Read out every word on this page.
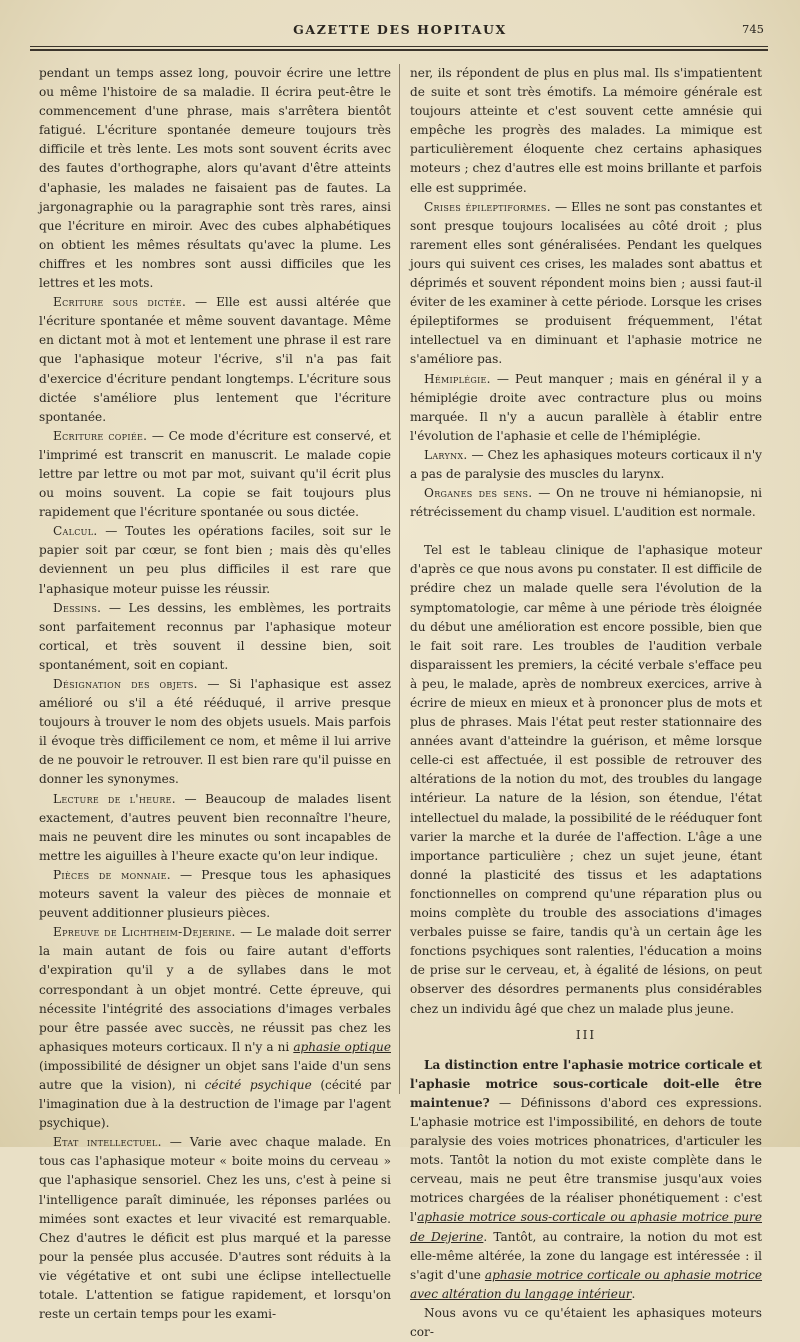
GAZETTE DES HOPITAUX	745

pendant un temps assez long, pouvoir écrire une lettre ou même l'histoire de sa maladie. Il écrira peut-être le commencement d'une phrase, mais s'arrêtera bientôt fatigué. L'écriture spontanée demeure toujours très difficile et très lente. Les mots sont souvent écrits avec des fautes d'orthographe, alors qu'avant d'être atteints d'aphasie, les malades ne faisaient pas de fautes. La jargonagraphie ou la paragraphie sont très rares, ainsi que l'écriture en miroir. Avec des cubes alphabétiques on obtient les mêmes résultats qu'avec la plume. Les chiffres et les nombres sont aussi difficiles que les lettres et les mots.

Ecriture sous dictée. — Elle est aussi altérée que l'écriture spontanée et même souvent davantage. Même en dictant mot à mot et lentement une phrase il est rare que l'aphasique moteur l'écrive, s'il n'a pas fait d'exercice d'écriture pendant longtemps. L'écriture sous dictée s'améliore plus lentement que l'écriture spontanée.

Ecriture copiée. — Ce mode d'écriture est conservé, et l'imprimé est transcrit en manuscrit. Le malade copie lettre par lettre ou mot par mot, suivant qu'il écrit plus ou moins souvent. La copie se fait toujours plus rapidement que l'écriture spontanée ou sous dictée.

Calcul. — Toutes les opérations faciles, soit sur le papier soit par cœur, se font bien ; mais dès qu'elles deviennent un peu plus difficiles il est rare que l'aphasique moteur puisse les réussir.

Dessins. — Les dessins, les emblèmes, les portraits sont parfaitement reconnus par l'aphasique moteur cortical, et très souvent il dessine bien, soit spontanément, soit en copiant.

Désignation des objets. — Si l'aphasique est assez amélioré ou s'il a été rééduqué, il arrive presque toujours à trouver le nom des objets usuels. Mais parfois il évoque très difficilement ce nom, et même il lui arrive de ne pouvoir le retrouver. Il est bien rare qu'il puisse en donner les synonymes.

Lecture de l'heure. — Beaucoup de malades lisent exactement, d'autres peuvent bien reconnaître l'heure, mais ne peuvent dire les minutes ou sont incapables de mettre les aiguilles à l'heure exacte qu'on leur indique.

Pièces de monnaie. — Presque tous les aphasiques moteurs savent la valeur des pièces de monnaie et peuvent additionner plusieurs pièces.

Epreuve de Lichtheim-Dejerine. — Le malade doit serrer la main autant de fois ou faire autant d'efforts d'expiration qu'il y a de syllabes dans le mot correspondant à un objet montré. Cette épreuve, qui nécessite l'intégrité des associations d'images verbales pour être passée avec succès, ne réussit pas chez les aphasiques moteurs corticaux. Il n'y a ni aphasie optique (impossibilité de désigner un objet sans l'aide d'un sens autre que la vision), ni cécité psychique (cécité par l'imagination due à la destruction de l'image par l'agent psychique).

Etat intellectuel. — Varie avec chaque malade. En tous cas l'aphasique moteur « boite moins du cerveau » que l'aphasique sensoriel. Chez les uns, c'est à peine si l'intelligence paraît diminuée, les réponses parlées ou mimées sont exactes et leur vivacité est remarquable. Chez d'autres le déficit est plus marqué et la paresse pour la pensée plus accusée. D'autres sont réduits à la vie végétative et ont subi une éclipse intellectuelle totale. L'attention se fatigue rapidement, et lorsqu'on reste un certain temps pour les exami-

ner, ils répondent de plus en plus mal. Ils s'impatientent de suite et sont très émotifs. La mémoire générale est toujours atteinte et c'est souvent cette amnésie qui empêche les progrès des malades. La mimique est particulièrement éloquente chez certains aphasiques moteurs ; chez d'autres elle est moins brillante et parfois elle est supprimée.

Crises épileptiformes. — Elles ne sont pas constantes et sont presque toujours localisées au côté droit ; plus rarement elles sont généralisées. Pendant les quelques jours qui suivent ces crises, les malades sont abattus et déprimés et souvent répondent moins bien ; aussi faut-il éviter de les examiner à cette période. Lorsque les crises épileptiformes se produisent fréquemment, l'état intellectuel va en diminuant et l'aphasie motrice ne s'améliore pas.

Hémiplégie. — Peut manquer ; mais en général il y a hémiplégie droite avec contracture plus ou moins marquée. Il n'y a aucun parallèle à établir entre l'évolution de l'aphasie et celle de l'hémiplégie.

Larynx. — Chez les aphasiques moteurs corticaux il n'y a pas de paralysie des muscles du larynx.

Organes des sens. — On ne trouve ni hémianopsie, ni rétrécissement du champ visuel. L'audition est normale.

Tel est le tableau clinique de l'aphasique moteur d'après ce que nous avons pu constater. Il est difficile de prédire chez un malade quelle sera l'évolution de la symptomatologie, car même à une période très éloignée du début une amélioration est encore possible, bien que le fait soit rare. Les troubles de l'audition verbale disparaissent les premiers, la cécité verbale s'efface peu à peu, le malade, après de nombreux exercices, arrive à écrire de mieux en mieux et à prononcer plus de mots et plus de phrases. Mais l'état peut rester stationnaire des années avant d'atteindre la guérison, et même lorsque celle-ci est affectuée, il est possible de retrouver des altérations de la notion du mot, des troubles du langage intérieur. La nature de la lésion, son étendue, l'état intellectuel du malade, la possibilité de le rééduquer font varier la marche et la durée de l'affection. L'âge a une importance particulière ; chez un sujet jeune, étant donné la plasticité des tissus et les adaptations fonctionnelles on comprend qu'une réparation plus ou moins complète du trouble des associations d'images verbales puisse se faire, tandis qu'à un certain âge les fonctions psychiques sont ralenties, l'éducation a moins de prise sur le cerveau, et, à égalité de lésions, on peut observer des désordres permanents plus considérables chez un individu âgé que chez un malade plus jeune.

III

La distinction entre l'aphasie motrice corticale et l'aphasie motrice sous-corticale doit-elle être maintenue? — Définissons d'abord ces expressions. L'aphasie motrice est l'impossibilité, en dehors de toute paralysie des voies motrices phonatrices, d'articuler les mots. Tantôt la notion du mot existe complète dans le cerveau, mais ne peut être transmise jusqu'aux voies motrices chargées de la réaliser phonétiquement : c'est l'aphasie motrice sous-corticale ou aphasie motrice pure de Dejerine. Tantôt, au contraire, la notion du mot est elle-même altérée, la zone du langage est intéressée : il s'agit d'une aphasie motrice corticale ou aphasie motrice avec altération du langage intérieur.

Nous avons vu ce qu'étaient les aphasiques moteurs cor-
